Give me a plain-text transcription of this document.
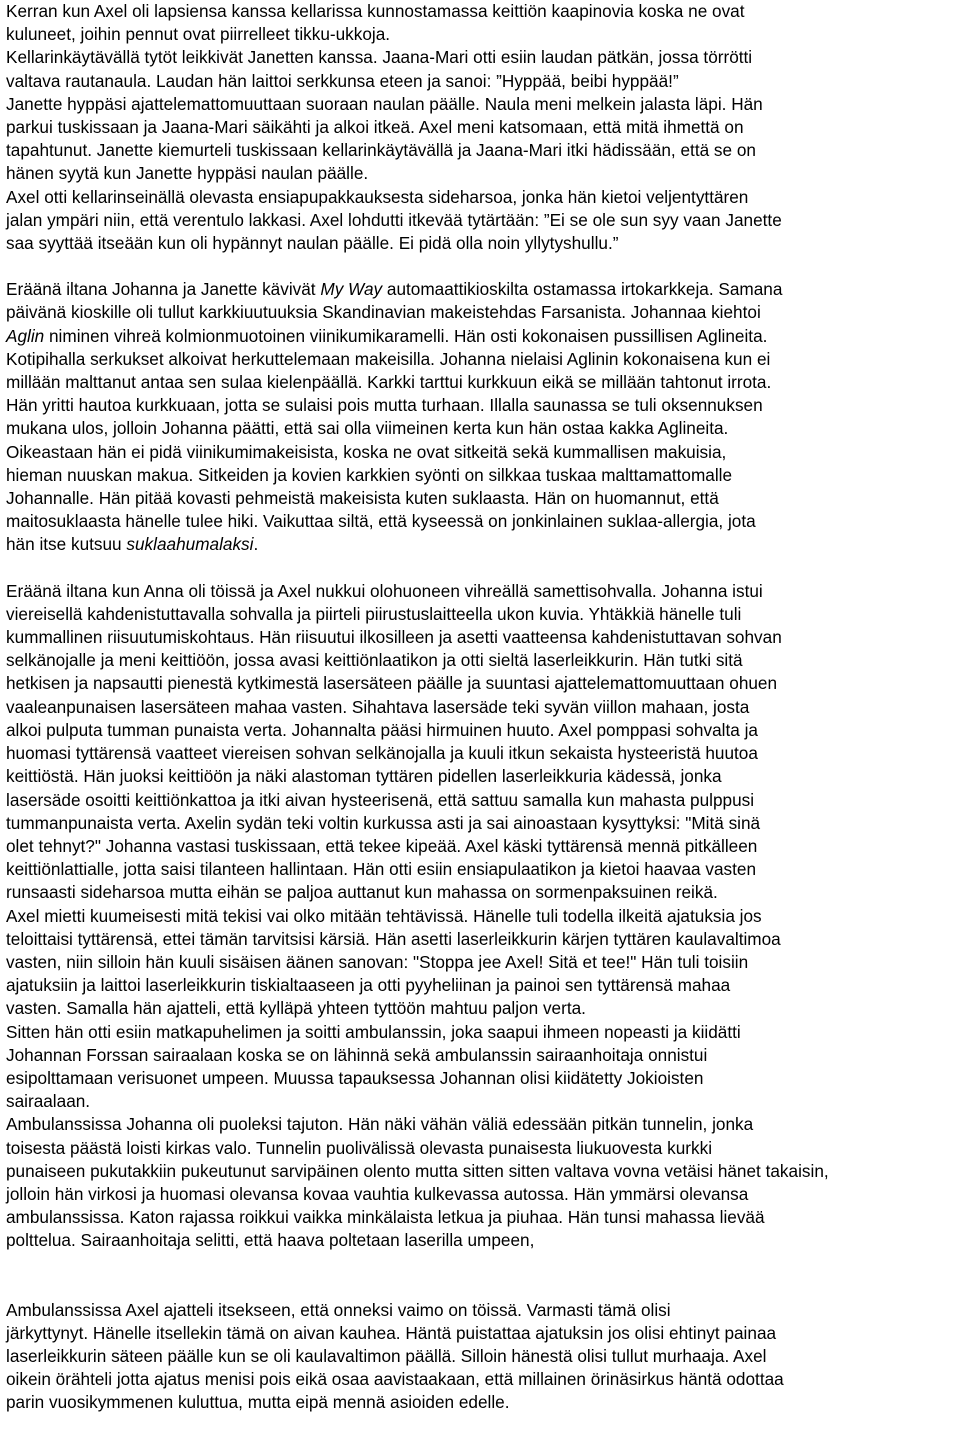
Kerran kun Axel oli lapsiensa kanssa kellarissa kunnostamassa keittiön kaapinovia koska ne ovat
kuluneet, joihin pennut ovat piirrelleet tikku-ukkoja.
Kellarinkäytävällä tytöt leikkivät Janetten kanssa. Jaana-Mari otti esiin laudan pätkän, jossa törrötti
valtava rautanaula. Laudan hän laittoi serkkunsa eteen ja sanoi: ”Hyppää, beibi hyppää!”
Janette hyppäsi ajattelemattomuuttaan suoraan naulan päälle. Naula meni melkein jalasta läpi. Hän
parkui tuskissaan ja Jaana-Mari säikähti ja alkoi itkeä. Axel meni katsomaan, että mitä ihmettä on
tapahtunut. Janette kiemurteli tuskissaan kellarinkäytävällä ja Jaana-Mari itki hädissään, että se on
hänen syytä kun Janette hyppäsi naulan päälle.
Axel otti kellarinseinällä olevasta ensiapupakkauksesta sideharsoa, jonka hän kietoi veljentyttären
jalan ympäri niin, että verentulo lakkasi. Axel lohdutti itkevää tytärtään: ”Ei se ole sun syy vaan Janette
saa syyttää itseään kun oli hypännyt naulan päälle. Ei pidä olla noin yllytyshullu.”
Eräänä iltana Johanna ja Janette kävivät My Way automaattikioskilta ostamassa irtokarkkeja. Samana
päivänä kioskille oli tullut karkkiuutuuksia Skandinavian makeistehdas Farsanista. Johannaa kiehtoi
Aglin niminen vihreä kolmionmuotoinen viinikumikaramelli. Hän osti kokonaisen pussillisen Aglineita.
Kotipihalla serkukset alkoivat herkuttelemaan makeisilla. Johanna nielaisi Aglinin kokonaisena kun ei
millään malttanut antaa sen sulaa kielenpäällä. Karkki tarttui kurkkuun eikä se millään tahtonut irrota.
Hän yritti hautoa kurkkuaan, jotta se sulaisi pois mutta turhaan. Illalla saunassa se tuli oksennuksen
mukana ulos, jolloin Johanna päätti, että sai olla viimeinen kerta kun hän ostaa kakka Aglineita.
Oikeastaan hän ei pidä viinikumimakeisista, koska ne ovat sitkeitä sekä kummallisen makuisia,
hieman nuuskan makua. Sitkeiden ja kovien karkkien syönti on silkkaa tuskaa malttamattomalle
Johannalle. Hän pitää kovasti pehmeistä makeisista kuten suklaasta. Hän on huomannut, että
maitosuklaasta hänelle tulee hiki. Vaikuttaa siltä, että kyseessä on jonkinlainen suklaa-allergia, jota
hän itse kutsuu suklaahumalaksi.
Eräänä iltana kun Anna oli töissä ja Axel nukkui olohuoneen vihreällä samettisohvalla. Johanna istui
viereisellä kahdenistuttavalla sohvalla ja piirteli piirustuslaitteella ukon kuvia. Yhtäkkiä hänelle tuli
kummallinen riisuutumiskohtaus. Hän riisuutui ilkosilleen ja asetti vaatteensa kahdenistuttavan sohvan
selkänojalle ja meni keittiöön, jossa avasi keittiönlaatikon ja otti sieltä laserleikkurin. Hän tutki sitä
hetkisen ja napsautti pienestä kytkimestä lasersäteen päälle ja suuntasi ajattelemattomuuttaan ohuen
vaaleanpunaisen lasersäteen mahaa vasten. Sihahtava lasersäde teki syvän viillon mahaan, josta
alkoi pulputa tumman punaista verta. Johannalta pääsi hirmuinen huuto. Axel pomppasi sohvalta ja
huomasi tyttärensä vaatteet viereisen sohvan selkänojalla ja kuuli itkun sekaista hysteeristä huutoa
keittiöstä. Hän juoksi keittiöön ja näki alastoman tyttären pidellen laserleikkuria kädessä, jonka
lasersäde osoitti keittiönkattoa ja itki aivan hysteerisenä, että sattuu samalla kun mahasta pulppusi
tummanpunaista verta. Axelin sydän teki voltin kurkussa asti ja sai ainoastaan kysyttyksi: "Mitä sinä
olet tehnyt?" Johanna vastasi tuskissaan, että tekee kipeää. Axel käski tyttärensä mennä pitkälleen
keittiönlattialle, jotta saisi tilanteen hallintaan. Hän otti esiin ensiapulaatikon ja kietoi haavaa vasten
runsaasti sideharsoa mutta eihän se paljoa auttanut kun mahassa on sormenpaksuinen reikä.
Axel mietti kuumeisesti mitä tekisi vai olko mitään tehtävissä. Hänelle tuli todella ilkeitä ajatuksia jos
teloittaisi tyttärensä, ettei tämän tarvitsisi kärsiä. Hän asetti laserleikkurin kärjen tyttären kaulavaltimoa
vasten, niin silloin hän kuuli sisäisen äänen sanovan: "Stoppa jee Axel! Sitä et tee!" Hän tuli toisiin
ajatuksiin ja laittoi laserleikkurin tiskialtaaseen ja otti pyyheliinan ja painoi sen tyttärensä mahaa
vasten. Samalla hän ajatteli, että kylläpä yhteen tyttöön mahtuu paljon verta.
Sitten hän otti esiin matkapuhelimen ja soitti ambulanssin, joka saapui ihmeen nopeasti ja kiidätti
Johannan Forssan sairaalaan koska se on lähinnä sekä ambulanssin sairaanhoitaja onnistui
esipolttamaan verisuonet umpeen. Muussa tapauksessa Johannan olisi kiidätetty Jokioisten
sairaalaan.
Ambulanssissa Johanna oli puoleksi tajuton. Hän näki vähän väliä edessään pitkän tunnelin, jonka
toisesta päästä loisti kirkas valo. Tunnelin puolivälissä olevasta punaisesta liukuovesta kurkki
punaiseen pukutakkiin pukeutunut sarvipäinen olento mutta sitten sitten valtava vovna vetäisi hänet takaisin,
jolloin hän virkosi ja huomasi olevansa kovaa vauhtia kulkevassa autossa. Hän ymmärsi olevansa
ambulanssissa. Katon rajassa roikkui vaikka minkälaista letkua ja piuhaa. Hän tunsi mahassa lievää
polttelua. Sairaanhoitaja selitti, että haava poltetaan laserilla umpeen,
Ambulanssissa Axel ajatteli itsekseen, että onneksi vaimo on töissä. Varmasti tämä olisi
järkyttynyt. Hänelle itsellekin tämä on aivan kauhea. Häntä puistattaa ajatuksin jos olisi ehtinyt painaa
laserleikkurin säteen päälle kun se oli kaulavaltimon päällä. Silloin hänestä olisi tullut murhaaja. Axel
oikein örähteli jotta ajatus menisi pois eikä osaa aavistaakaan, että millainen örinäsirkus häntä odottaa
parin vuosikymmenen kuluttua, mutta eipä mennä asioiden edelle.
